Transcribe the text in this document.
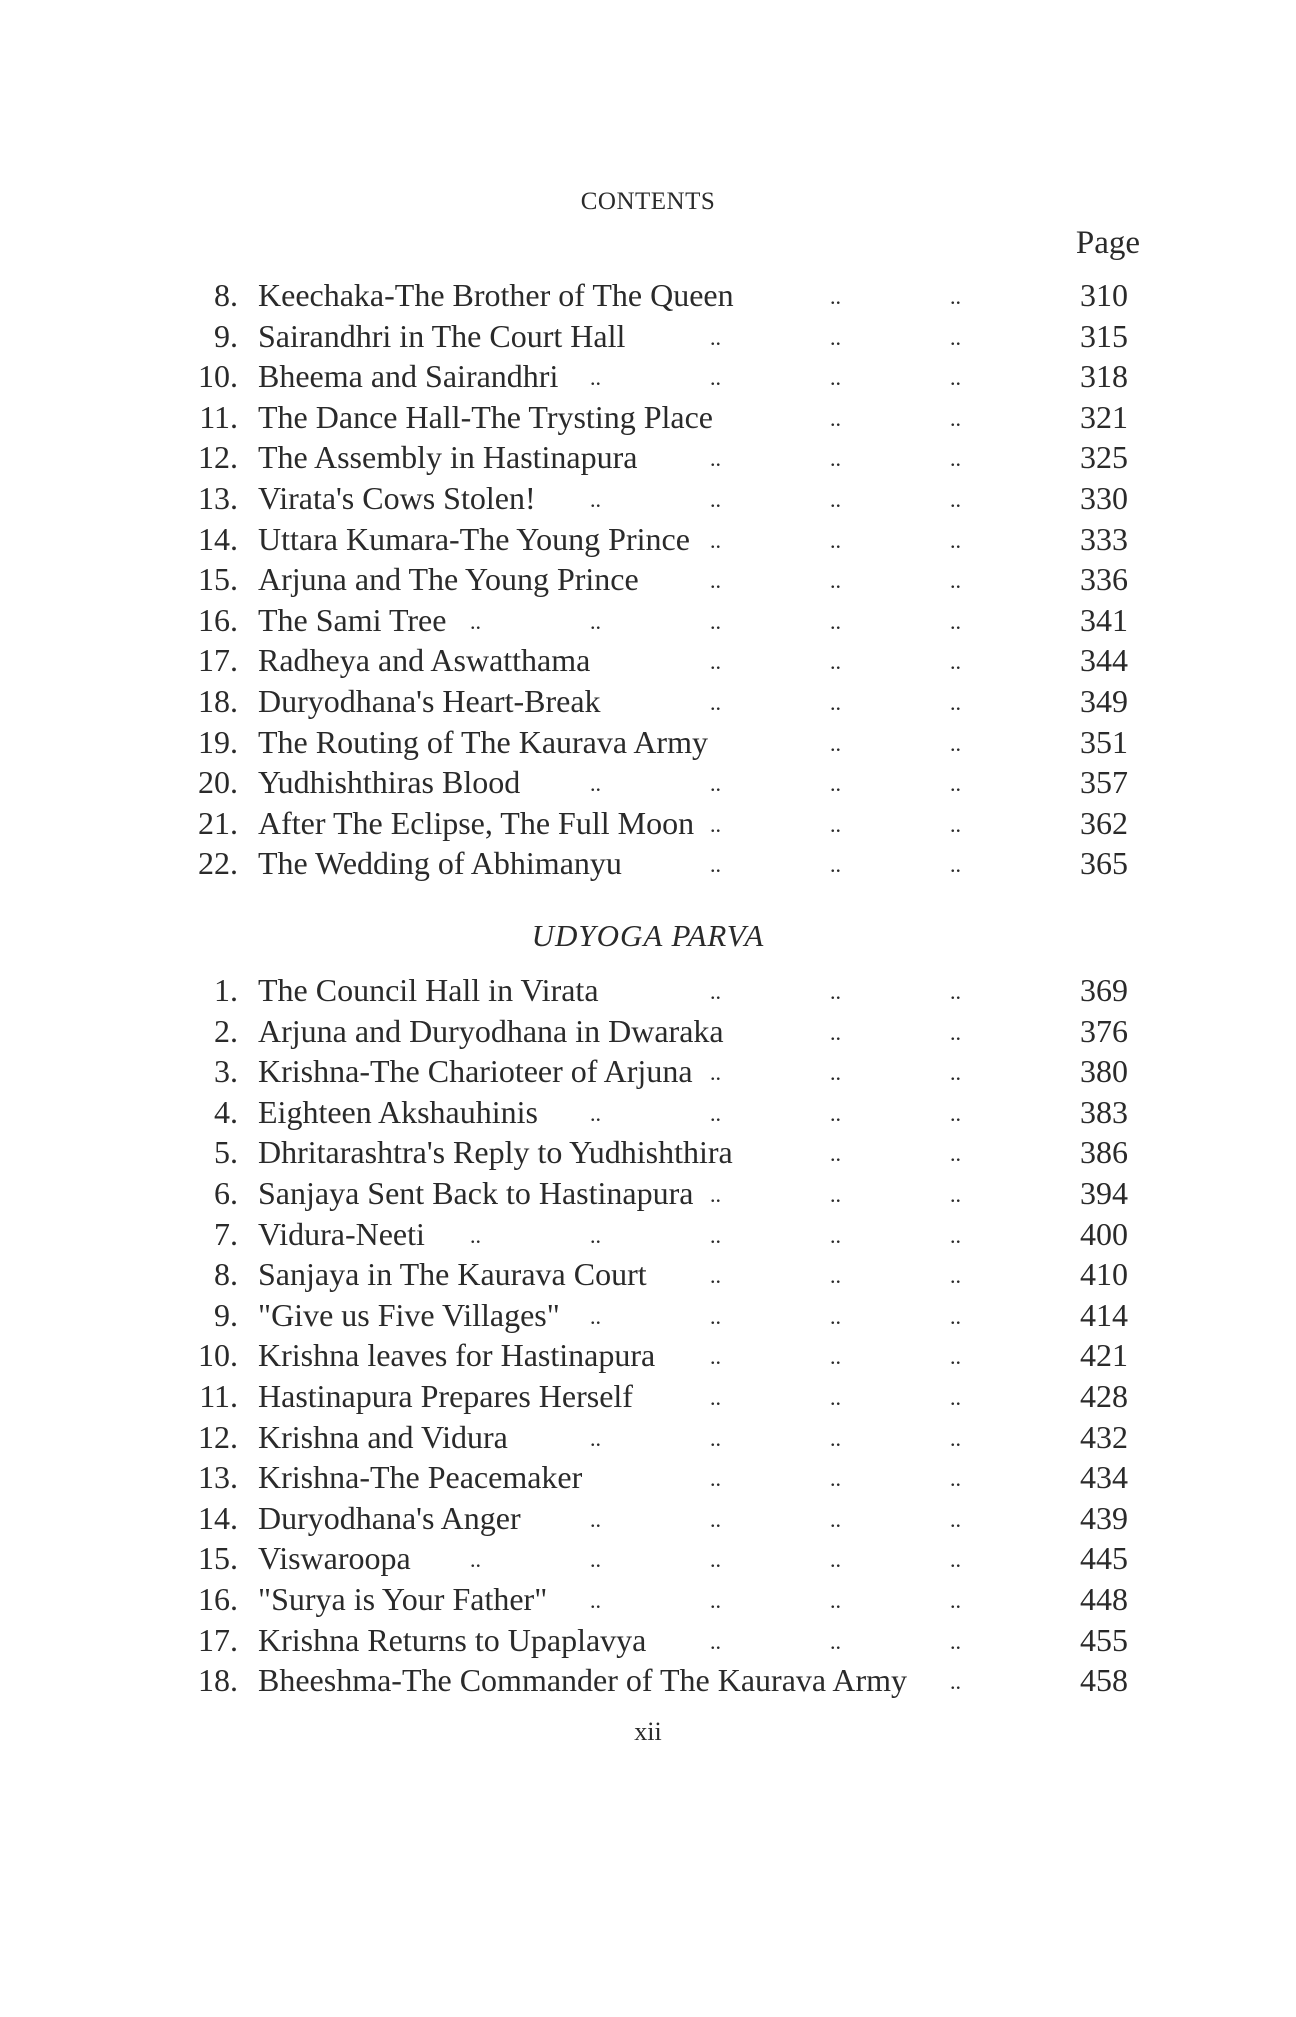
CONTENTS
Page
8. Keechaka-The Brother of The Queen	..	..	310
9. Sairandhri in The Court Hall	..	..	..	315
10. Bheema and Sairandhri ..	..	..	..	318
11. The Dance Hall-The Trysting Place	..	..	321
12. The Assembly in Hastinapura	..	..	..	325
13. Virata's Cows Stolen! ..	..	..	..	330
14. Uttara Kumara-The Young Prince ..	..	..	333
15. Arjuna and The Young Prince	..	..	..	336
16. The Sami Tree ..	..	..	..	..	341
17. Radheya and Aswatthama	..	..	..	344
18. Duryodhana's Heart-Break	..	..	..	349
19. The Routing of The Kaurava Army	..	..	351
20. Yudhishthiras Blood	..	..	..	..	357
21. After The Eclipse, The Full Moon ..	..	..	362
22. The Wedding of Abhimanyu	..	..	..	365
UDYOGA PARVA
1. The Council Hall in Virata	..	..	..	369
2. Arjuna and Duryodhana in Dwaraka	..	..	376
3. Krishna-The Charioteer of Arjuna ..	..	..	380
4. Eighteen Akshauhinis ..	..	..	..	383
5. Dhritarashtra's Reply to Yudhishthira	..	..	386
6. Sanjaya Sent Back to Hastinapura ..	..	..	394
7. Vidura-Neeti ..	..	..	..	..	400
8. Sanjaya in The Kaurava Court	..	..	..	410
9. "Give us Five Villages" ..	..	..	..	414
10. Krishna leaves for Hastinapura ..	..	..	421
11. Hastinapura Prepares Herself	..	..	..	428
12. Krishna and Vidura	..	..	..	..	432
13. Krishna-The Peacemaker	..	..	..	434
14. Duryodhana's Anger	..	..	..	..	439
15. Viswaroopa	..	..	..	..	..	445
16. "Surya is Your Father" ..	..	..	..	448
17. Krishna Returns to Upaplavya	..	..	..	455
18. Bheeshma-The Commander of The Kaurava Army ..	458
xii
